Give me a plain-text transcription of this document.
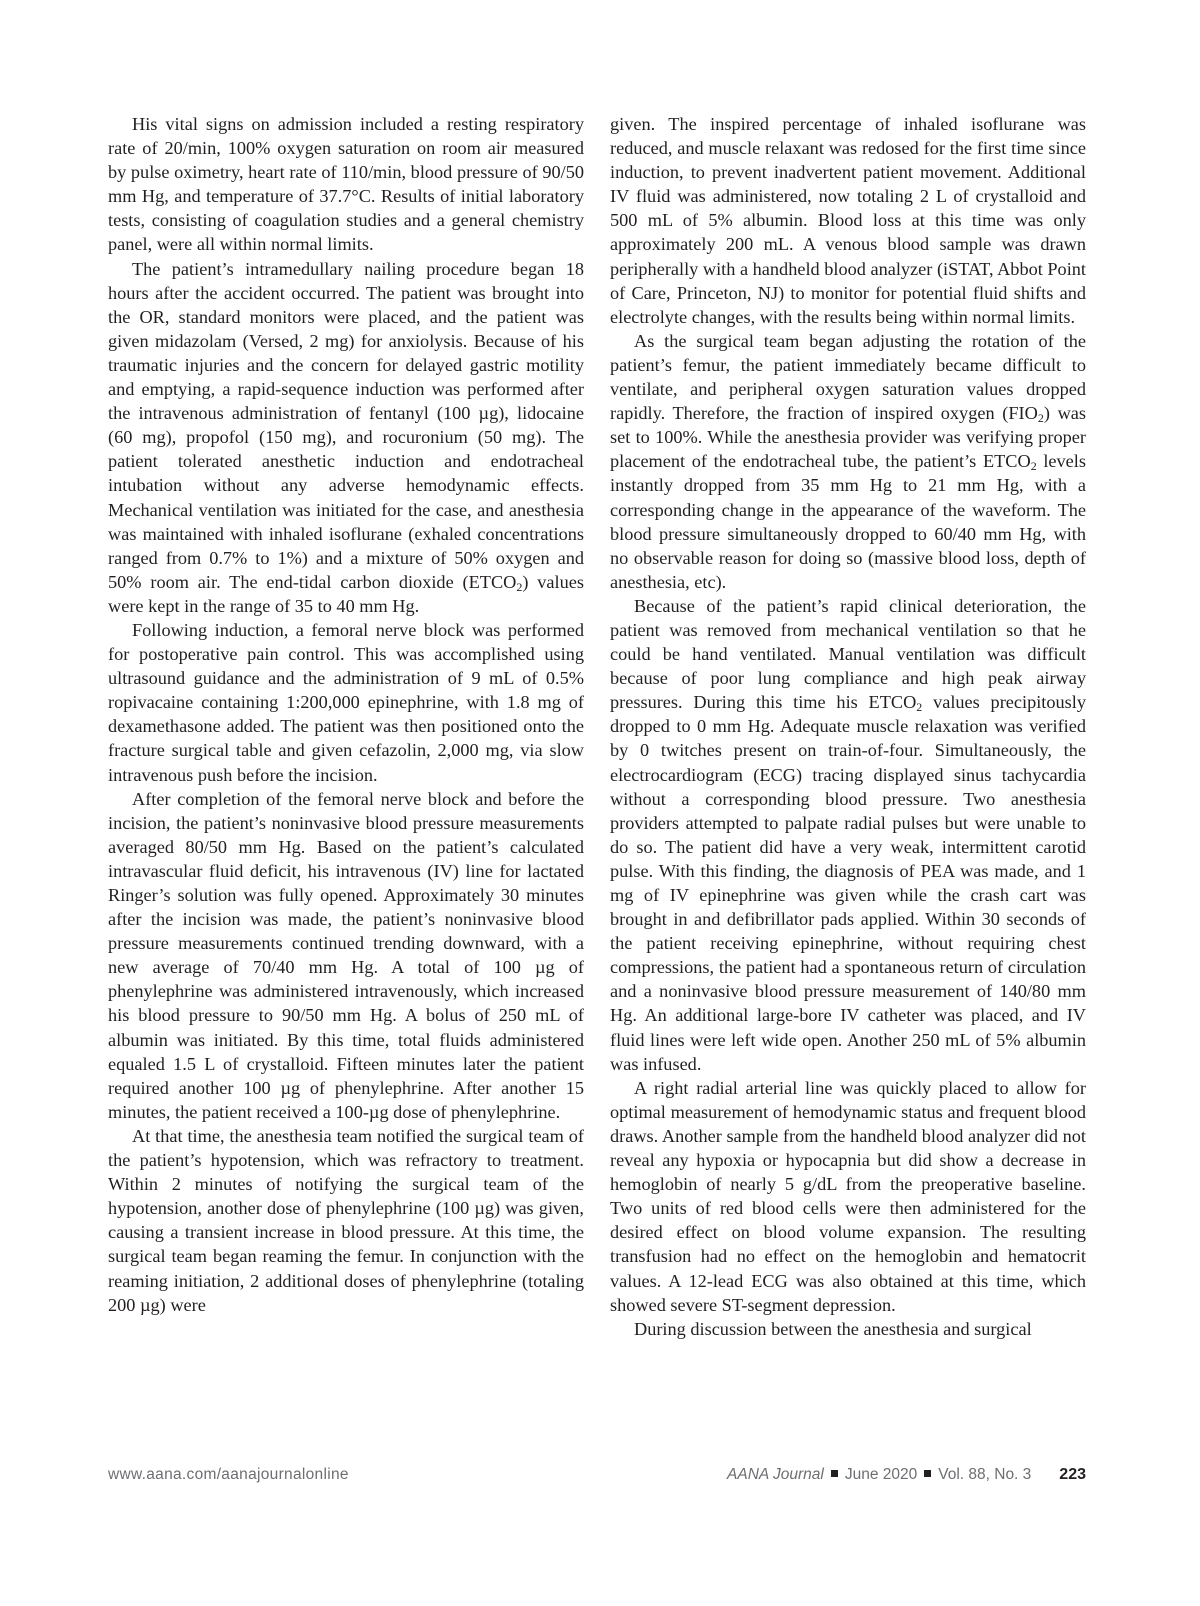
His vital signs on admission included a resting respiratory rate of 20/min, 100% oxygen saturation on room air measured by pulse oximetry, heart rate of 110/min, blood pressure of 90/50 mm Hg, and temperature of 37.7°C. Results of initial laboratory tests, consisting of coagulation studies and a general chemistry panel, were all within normal limits.

The patient’s intramedullary nailing procedure began 18 hours after the accident occurred. The patient was brought into the OR, standard monitors were placed, and the patient was given midazolam (Versed, 2 mg) for anxiolysis. Because of his traumatic injuries and the concern for delayed gastric motility and emptying, a rapid-sequence induction was performed after the intravenous administration of fentanyl (100 µg), lidocaine (60 mg), propofol (150 mg), and rocuronium (50 mg). The patient tolerated anesthetic induction and endotracheal intubation without any adverse hemodynamic effects. Mechanical ventilation was initiated for the case, and anesthesia was maintained with inhaled isoflurane (exhaled concentrations ranged from 0.7% to 1%) and a mixture of 50% oxygen and 50% room air. The end-tidal carbon dioxide $(ETCO_2)$ values were kept in the range of 35 to 40 mm Hg.

Following induction, a femoral nerve block was performed for postoperative pain control. This was accomplished using ultrasound guidance and the administration of 9 mL of 0.5% ropivacaine containing 1:200,000 epinephrine, with 1.8 mg of dexamethasone added. The patient was then positioned onto the fracture surgical table and given cefazolin, 2,000 mg, via slow intravenous push before the incision.

After completion of the femoral nerve block and before the incision, the patient’s noninvasive blood pressure measurements averaged 80/50 mm Hg. Based on the patient’s calculated intravascular fluid deficit, his intravenous (IV) line for lactated Ringer’s solution was fully opened. Approximately 30 minutes after the incision was made, the patient’s noninvasive blood pressure measurements continued trending downward, with a new average of 70/40 mm Hg. A total of 100 µg of phenylephrine was administered intravenously, which increased his blood pressure to 90/50 mm Hg. A bolus of 250 mL of albumin was initiated. By this time, total fluids administered equaled 1.5 L of crystalloid. Fifteen minutes later the patient required another 100 µg of phenylephrine. After another 15 minutes, the patient received a 100-µg dose of phenylephrine.

At that time, the anesthesia team notified the surgical team of the patient’s hypotension, which was refractory to treatment. Within 2 minutes of notifying the surgical team of the hypotension, another dose of phenylephrine (100 µg) was given, causing a transient increase in blood pressure. At this time, the surgical team began reaming the femur. In conjunction with the reaming initiation, 2 additional doses of phenylephrine (totaling 200 µg) were

given. The inspired percentage of inhaled isoflurane was reduced, and muscle relaxant was redosed for the first time since induction, to prevent inadvertent patient movement. Additional IV fluid was administered, now totaling 2 L of crystalloid and 500 mL of 5% albumin. Blood loss at this time was only approximately 200 mL. A venous blood sample was drawn peripherally with a handheld blood analyzer (iSTAT, Abbot Point of Care, Princeton, NJ) to monitor for potential fluid shifts and electrolyte changes, with the results being within normal limits.

As the surgical team began adjusting the rotation of the patient’s femur, the patient immediately became difficult to ventilate, and peripheral oxygen saturation values dropped rapidly. Therefore, the fraction of inspired oxygen $(FIO_2)$ was set to 100%. While the anesthesia provider was verifying proper placement of the endotracheal tube, the patient’s $ETCO_2$ levels instantly dropped from 35 mm Hg to 21 mm Hg, with a corresponding change in the appearance of the waveform. The blood pressure simultaneously dropped to 60/40 mm Hg, with no observable reason for doing so (massive blood loss, depth of anesthesia, etc).

Because of the patient’s rapid clinical deterioration, the patient was removed from mechanical ventilation so that he could be hand ventilated. Manual ventilation was difficult because of poor lung compliance and high peak airway pressures. During this time his $ETCO_2$ values precipitously dropped to 0 mm Hg. Adequate muscle relaxation was verified by 0 twitches present on train-of-four. Simultaneously, the electrocardiogram (ECG) tracing displayed sinus tachycardia without a corresponding blood pressure. Two anesthesia providers attempted to palpate radial pulses but were unable to do so. The patient did have a very weak, intermittent carotid pulse. With this finding, the diagnosis of PEA was made, and 1 mg of IV epinephrine was given while the crash cart was brought in and defibrillator pads applied. Within 30 seconds of the patient receiving epinephrine, without requiring chest compressions, the patient had a spontaneous return of circulation and a noninvasive blood pressure measurement of 140/80 mm Hg. An additional large-bore IV catheter was placed, and IV fluid lines were left wide open. Another 250 mL of 5% albumin was infused.

A right radial arterial line was quickly placed to allow for optimal measurement of hemodynamic status and frequent blood draws. Another sample from the handheld blood analyzer did not reveal any hypoxia or hypocapnia but did show a decrease in hemoglobin of nearly 5 g/dL from the preoperative baseline. Two units of red blood cells were then administered for the desired effect on blood volume expansion. The resulting transfusion had no effect on the hemoglobin and hematocrit values. A 12-lead ECG was also obtained at this time, which showed severe ST-segment depression.

During discussion between the anesthesia and surgical

www.aana.com/aanajournalonline	AANA Journal June 2020 Vol. 88, No. 3 223
